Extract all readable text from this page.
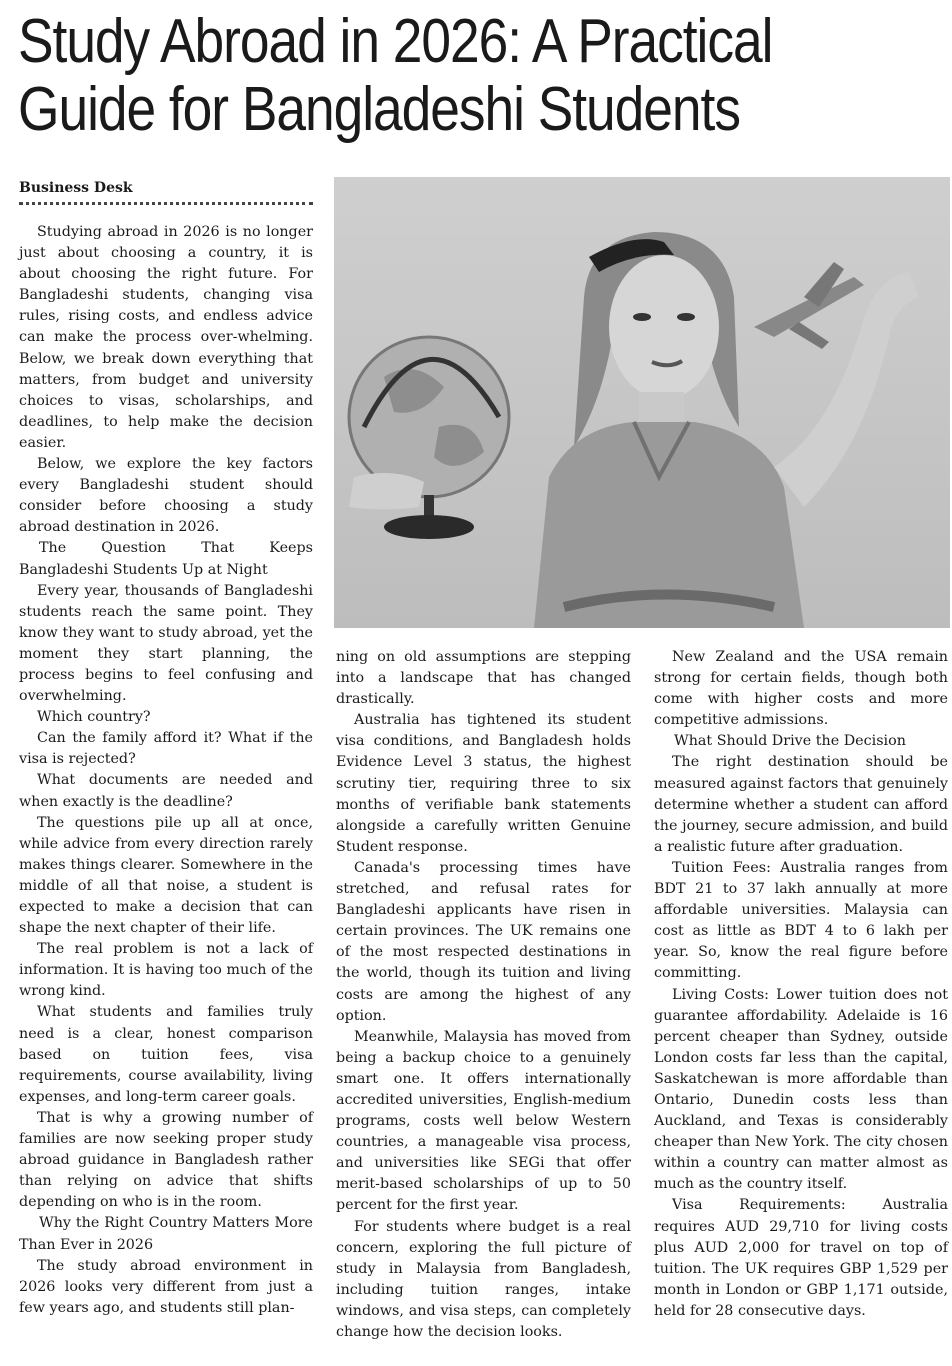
Study Abroad in 2026: A Practical
Guide for Bangladeshi Students
Business Desk

Studying abroad in 2026 is no longer just about choosing a country, it is about choosing the right future. For Bangladeshi students, changing visa rules, rising costs, and endless advice can make the process over-whelming. Below, we break down everything that matters, from budget and university choices to visas, scholarships, and deadlines, to help make the decision easier.

Below, we explore the key factors every Bangladeshi student should consider before choosing a study abroad destination in 2026.

The Question That Keeps Bangladeshi Students Up at Night

Every year, thousands of Bangladeshi students reach the same point. They know they want to study abroad, yet the moment they start planning, the process begins to feel confusing and overwhelming.

Which country?

Can the family afford it? What if the visa is rejected?

What documents are needed and when exactly is the deadline?

The questions pile up all at once, while advice from every direction rarely makes things clearer. Somewhere in the middle of all that noise, a student is expected to make a decision that can shape the next chapter of their life.

The real problem is not a lack of information. It is having too much of the wrong kind.

What students and families truly need is a clear, honest comparison based on tuition fees, visa requirements, course availability, living expenses, and long-term career goals.

That is why a growing number of families are now seeking proper study abroad guidance in Bangladesh rather than relying on advice that shifts depending on who is in the room.

Why the Right Country Matters More Than Ever in 2026

The study abroad environment in 2026 looks very different from just a few years ago, and students still plan-

ning on old assumptions are stepping into a landscape that has changed drastically.

Australia has tightened its student visa conditions, and Bangladesh holds Evidence Level 3 status, the highest scrutiny tier, requiring three to six months of verifiable bank statements alongside a carefully written Genuine Student response.

Canada's processing times have stretched, and refusal rates for Bangladeshi applicants have risen in certain provinces. The UK remains one of the most respected destinations in the world, though its tuition and living costs are among the highest of any option.

Meanwhile, Malaysia has moved from being a backup choice to a genuinely smart one. It offers internationally accredited universities, English-medium programs, costs well below Western countries, a manageable visa process, and universities like SEGi that offer merit-based scholarships of up to 50 percent for the first year.

For students where budget is a real concern, exploring the full picture of study in Malaysia from Bangladesh, including tuition ranges, intake windows, and visa steps, can completely change how the decision looks.

New Zealand and the USA remain strong for certain fields, though both come with higher costs and more competitive admissions.

What Should Drive the Decision

The right destination should be measured against factors that genuinely determine whether a student can afford the journey, secure admission, and build a realistic future after graduation.

Tuition Fees: Australia ranges from BDT 21 to 37 lakh annually at more affordable universities. Malaysia can cost as little as BDT 4 to 6 lakh per year. So, know the real figure before committing.

Living Costs: Lower tuition does not guarantee affordability. Adelaide is 16 percent cheaper than Sydney, outside London costs far less than the capital, Saskatchewan is more affordable than Ontario, Dunedin costs less than Auckland, and Texas is considerably cheaper than New York. The city chosen within a country can matter almost as much as the country itself.

Visa Requirements: Australia requires AUD 29,710 for living costs plus AUD 2,000 for travel on top of tuition. The UK requires GBP 1,529 per month in London or GBP 1,171 outside, held for 28 consecutive days.
